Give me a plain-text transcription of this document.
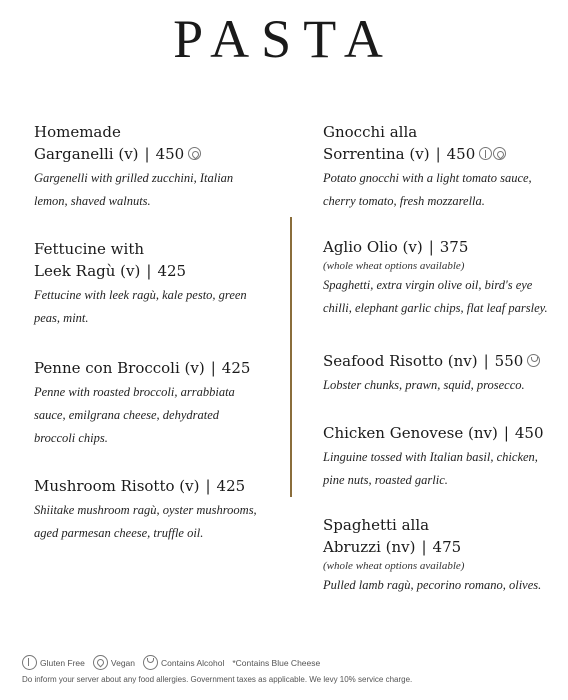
PASTA
Homemade
Garganelli (v) | 450
Gargenelli with grilled zucchini, Italian
lemon, shaved walnuts.
Fettucine with
Leek Ragù (v) | 425
Fettucine with leek ragù, kale pesto, green
peas, mint.
Penne con Broccoli (v) | 425
Penne with roasted broccoli, arrabbiata
sauce, emilgrana cheese, dehydrated
broccoli chips.
Mushroom Risotto (v) | 425
Shiitake mushroom ragù, oyster mushrooms,
aged parmesan cheese, truffle oil.
Gnocchi alla
Sorrentina (v) | 450
Potato gnocchi with a light tomato sauce,
cherry tomato, fresh mozzarella.
Aglio Olio (v) | 375
(whole wheat options available)
Spaghetti, extra virgin olive oil, bird's eye
chilli, elephant garlic chips, flat leaf parsley.
Seafood Risotto (nv) | 550
Lobster chunks, prawn, squid, prosecco.
Chicken Genovese (nv) | 450
Linguine tossed with Italian basil, chicken,
pine nuts, roasted garlic.
Spaghetti alla
Abruzzi (nv) | 475
(whole wheat options available)
Pulled lamb ragù, pecorino romano, olives.
Gluten Free	Vegan	Contains Alcohol *Contains Blue Cheese
Do inform your server about any food allergies. Government taxes as applicable. We levy 10% service charge.
